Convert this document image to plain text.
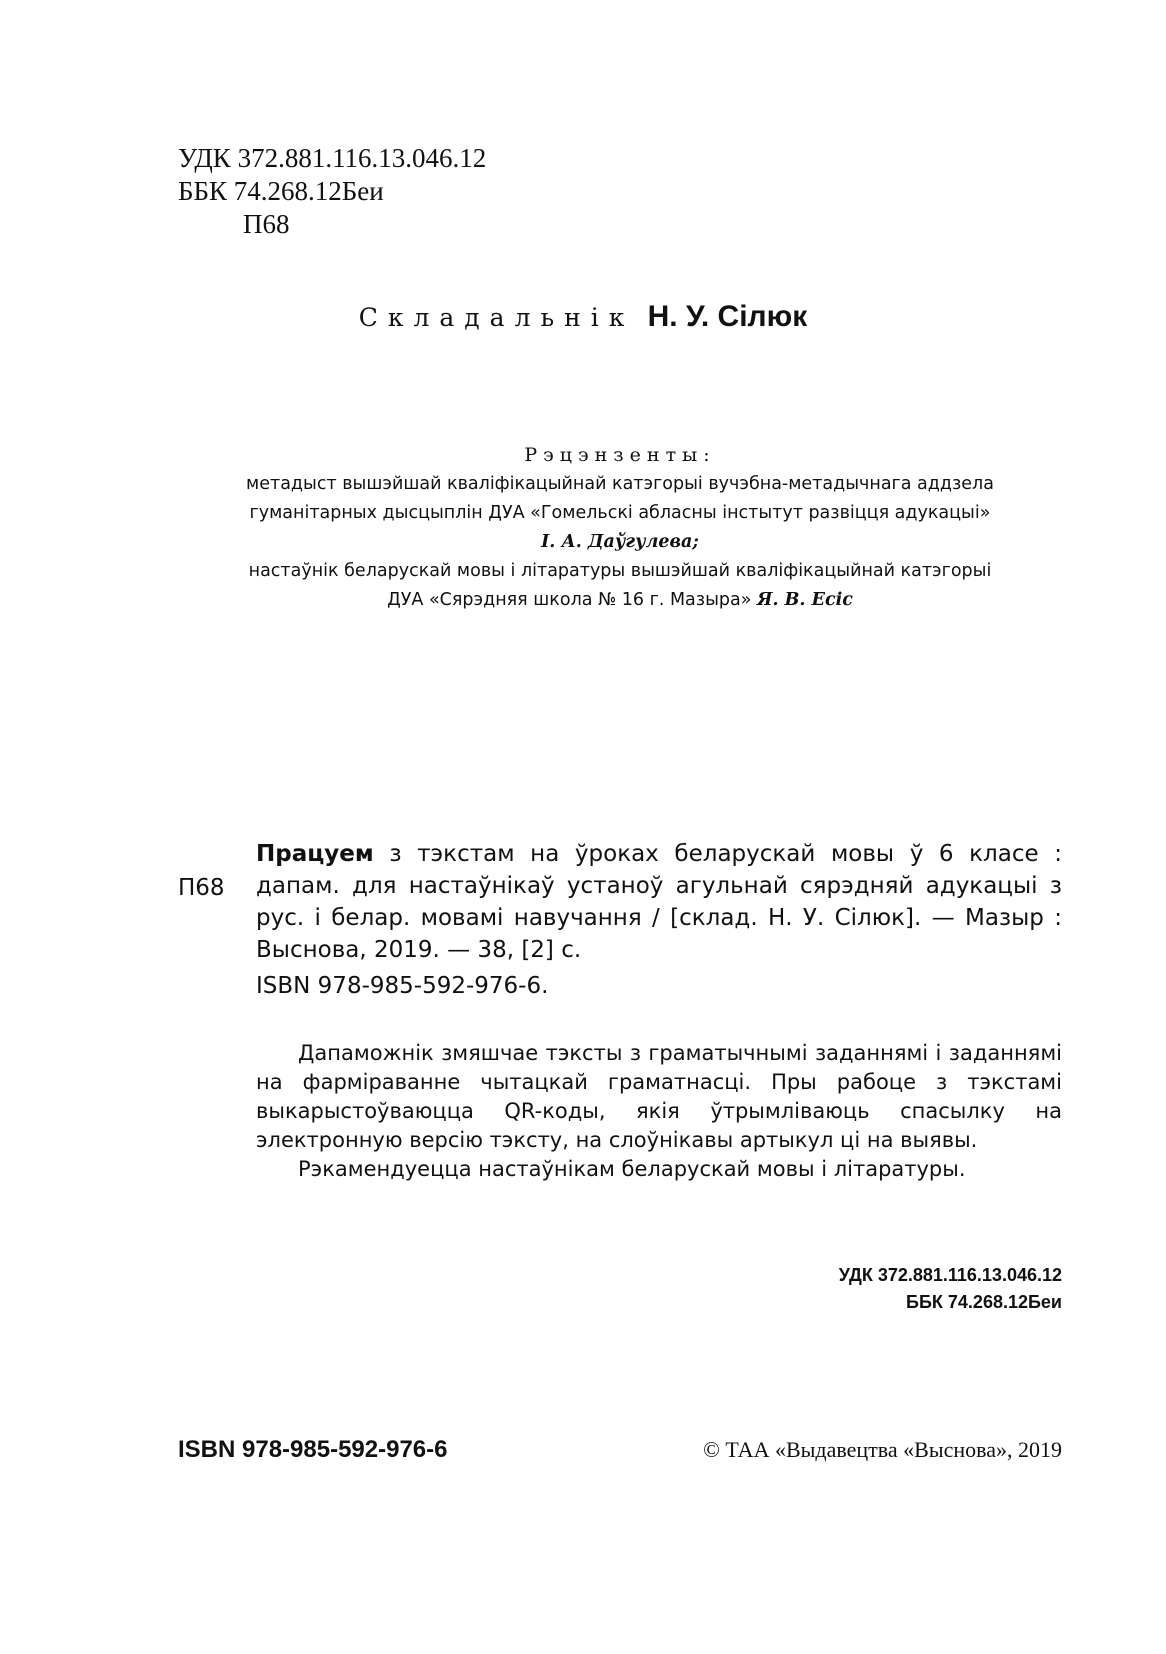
УДК 372.881.116.13.046.12
ББК 74.268.12Беи
П68
Складальнік Н. У. Сілюк
Рэцэнзенты:
метадыст вышэйшай кваліфікацыйнай катэгорыі вучэбна-метадычнага аддзела
гуманітарных дысцыплін ДУА «Гомельскі абласны інстытут развіцця адукацыі»
І. А. Даўгулева;
настаўнік беларускай мовы і літаратуры вышэйшай кваліфікацыйнай катэгорыі
ДУА «Сярэдняя школа № 16 г. Мазыра» Я. В. Есіс
П68
Працуем з тэкстам на ўроках беларускай мовы ў 6 класе : дапам. для настаўнікаў устаноў агульнай сярэдняй адукацыі з рус. і белар. мовамі навучання / [склад. Н. У. Сілюк]. — Мазыр : Выснова, 2019. — 38, [2] с.
ISBN 978-985-592-976-6.

Дапаможнік змяшчае тэксты з граматычнымі заданнямі і заданнямі на фарміраванне чытацкай граматнасці. Пры рабоце з тэкстамі выкарыстоўваюцца QR-коды, якія ўтрымліваюць спасылку на электронную версію тэксту, на слоўнікавы артыкул ці на выявы.

Рэкамендуецца настаўнікам беларускай мовы і літаратуры.

УДК 372.881.116.13.046.12
ББК 74.268.12Беи
ISBN 978-985-592-976-6	© ТАА «Выдавецтва «Выснова», 2019
